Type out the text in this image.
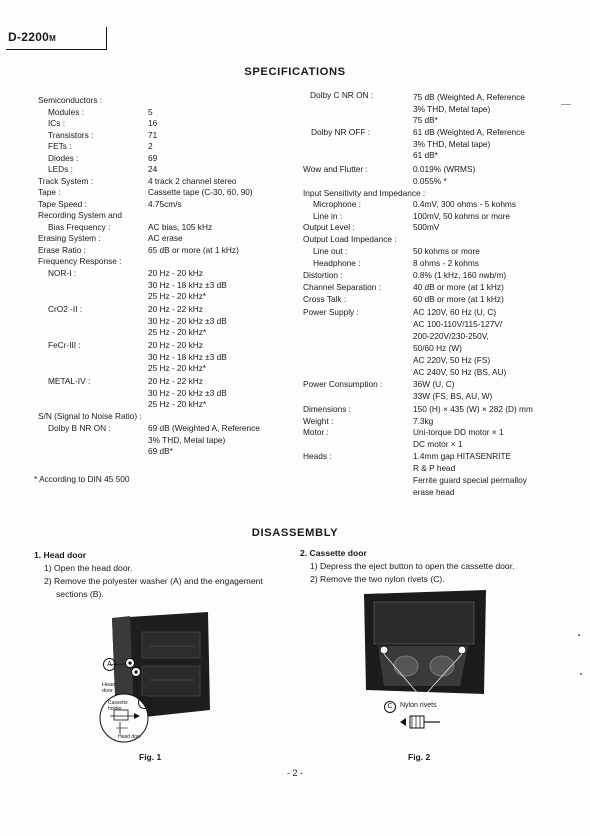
D-2200M
SPECIFICATIONS
Semiconductors :
Modules :	5
ICs :	16
Transistors :	71
FETs :	2
Diodes :	69
LEDs :	24
Track System :	4 track 2 channel stereo
Tape :	Cassette tape (C-30, 60, 90)
Tape Speed :	4.75cm/s
Recording System and
Bias Frequency :	AC bias, 105 kHz
Erasing System :	AC erase
Erase Ratio :	65 dB or more (at 1 kHz)
Frequency Response :
NOR-I :	20 Hz - 20 kHz
30 Hz - 18 kHz ±3 dB
25 Hz - 20 kHz*
CrO2 -II :	20 Hz - 22 kHz
30 Hz - 20 kHz ±3 dB
25 Hz - 20 kHz*
FeCr-III :	20 Hz - 20 kHz
30 Hz - 18 kHz ±3 dB
25 Hz - 20 kHz*
METAL-IV :	20 Hz - 22 kHz
30 Hz - 20 kHz ±3 dB
25 Hz - 20 kHz*
S/N (Signal to Noise Ratio) :
Dolby B NR ON :	69 dB (Weighted A, Reference
3% THD, Metal tape)
69 dB*
* According to DIN 45 500
Dolby C NR ON :	75 dB (Weighted A, Reference
3% THD, Metal tape)
75 dB*
Dolby NR OFF :	61 dB (Weighted A, Reference
3% THD, Metal tape)
61 dB*
Wow and Flutter :	0.019% (WRMS)
0.055% *
Input Sensitivity and Impedance :
Microphone :	0.4mV, 300 ohms - 5 kohms
Line in :	100mV, 50 kohms or more
Output Level :	500mV
Output Load Impedance :
Line out :	50 kohms or more
Headphone :	8 ohms - 2 kohms
Distortion :	0.8% (1 kHz, 160 nwb/m)
Channel Separation :	40 dB or more (at 1 kHz)
Cross Talk :	60 dB or more (at 1 kHz)
Power Supply :	AC 120V, 60 Hz (U, C)
AC 100-110V/115-127V/
200-220V/230-250V,
50/60 Hz (W)
AC 220V, 50 Hz (FS)
AC 240V, 50 Hz (BS, AU)
Power Consumption :	36W (U, C)
33W (FS, BS, AU, W)
Dimensions :	150 (H) × 435 (W) × 282 (D) mm
Weight :	7.3kg
Motor :	Uni-torque DD motor × 1
DC motor × 1
Heads :	1.4mm gap HITASENRITE
R & P head
Ferrite guard special permalloy
erase head
DISASSEMBLY
1. Head door
1) Open the head door.
2) Remove the polyester washer (A) and the engagement
sections (B).
2. Cassette door
1) Depress the eject button to open the cassette door.
2) Remove the two nylon rivets (C).
A
B
Head door
Cassette holder
Head door
Fig. 1
C	Nylon rivets
Fig. 2
- 2 -
